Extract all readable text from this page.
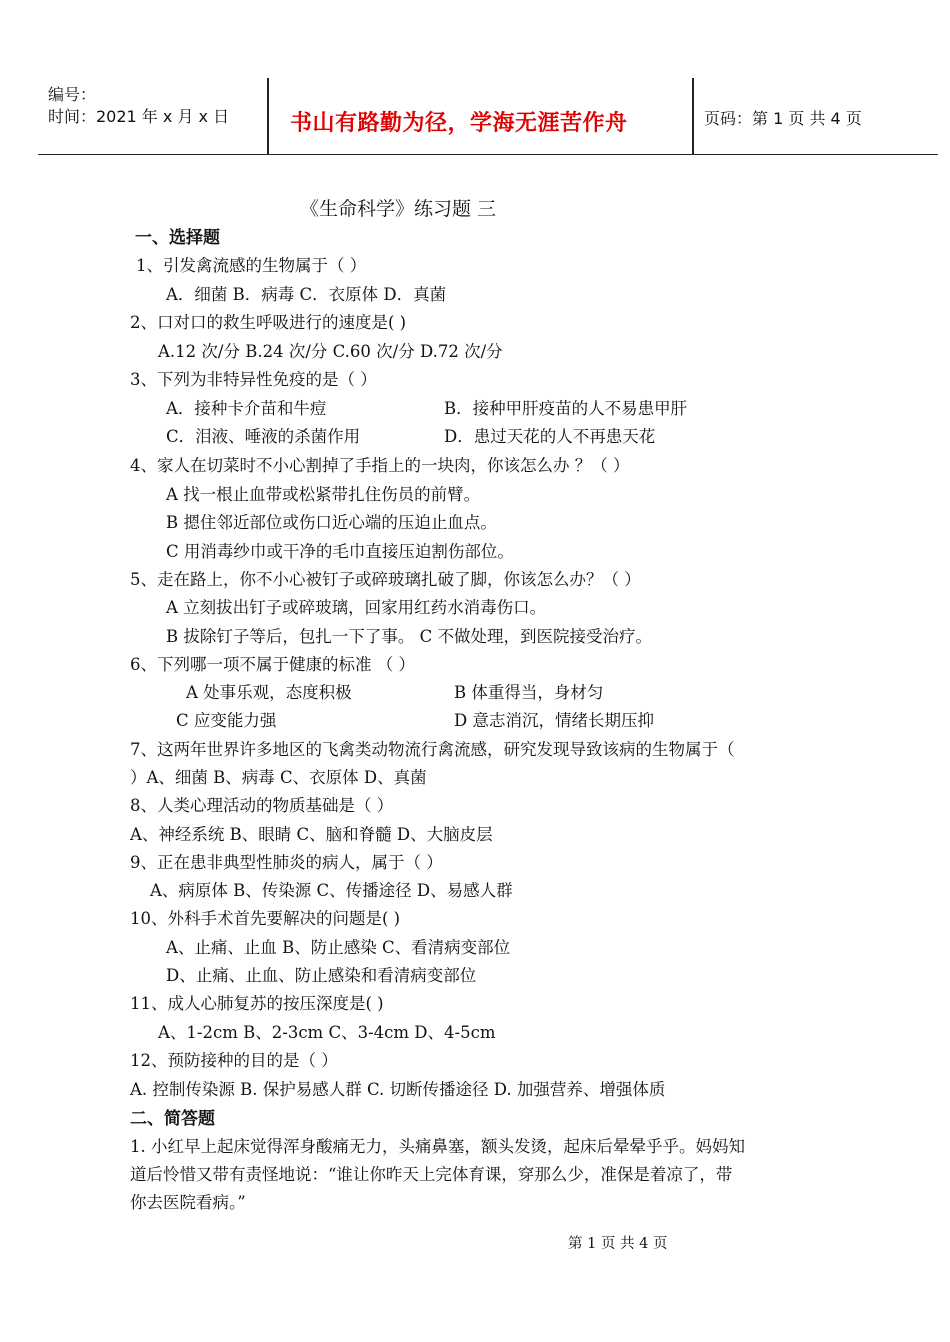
编号：
时间：2021 年 x 月 x 日	书山有路勤为径，学海无涯苦作舟	页码：第 1 页 共 4 页
《生命科学》练习题 三
一、选择题
1、引发禽流感的生物属于（ ）
A．细菌 B．病毒 C．衣原体 D．真菌
2、口对口的救生呼吸进行的速度是( )
A.12 次/分 B.24 次/分 C.60 次/分 D.72 次/分
3、下列为非特异性免疫的是（ ）
A．接种卡介苗和牛痘	B．接种甲肝疫苗的人不易患甲肝
C．泪液、唾液的杀菌作用	D．患过天花的人不再患天花
4、家人在切菜时不小心割掉了手指上的一块肉，你该怎么办 ？（ ）
A 找一根止血带或松紧带扎住伤员的前臂。
B 摁住邻近部位或伤口近心端的压迫止血点。
C 用消毒纱巾或干净的毛巾直接压迫割伤部位。
5、走在路上，你不小心被钉子或碎玻璃扎破了脚，你该怎么办？（ ）
A 立刻拔出钉子或碎玻璃，回家用红药水消毒伤口。
B 拔除钉子等后，包扎一下了事。 C 不做处理，到医院接受治疗。
6、下列哪一项不属于健康的标准 （ ）
A 处事乐观，态度积极	B 体重得当，身材匀
C 应变能力强	D 意志消沉，情绪长期压抑
7、这两年世界许多地区的飞禽类动物流行禽流感，研究发现导致该病的生物属于（
）A、细菌 B、病毒 C、衣原体 D、真菌
8、人类心理活动的物质基础是（ ）
A、神经系统 B、眼睛 C、脑和脊髓 D、大脑皮层
9、正在患非典型性肺炎的病人，属于（ ）
A、病原体 B、传染源 C、传播途径 D、易感人群
10、外科手术首先要解决的问题是( )
A、止痛、止血 B、防止感染 C、看清病变部位
D、止痛、止血、防止感染和看清病变部位
11、成人心肺复苏的按压深度是( )
A、1-2cm B、2-3cm C、3-4cm D、4-5cm
12、预防接种的目的是（ ）
A. 控制传染源 B. 保护易感人群 C. 切断传播途径 D. 加强营养、增强体质
二、简答题
1. 小红早上起床觉得浑身酸痛无力，头痛鼻塞，额头发烫，起床后晕晕乎乎。妈妈知
道后怜惜又带有责怪地说：“谁让你昨天上完体育课，穿那么少，准保是着凉了，带
你去医院看病。”
第 1 页 共 4 页
